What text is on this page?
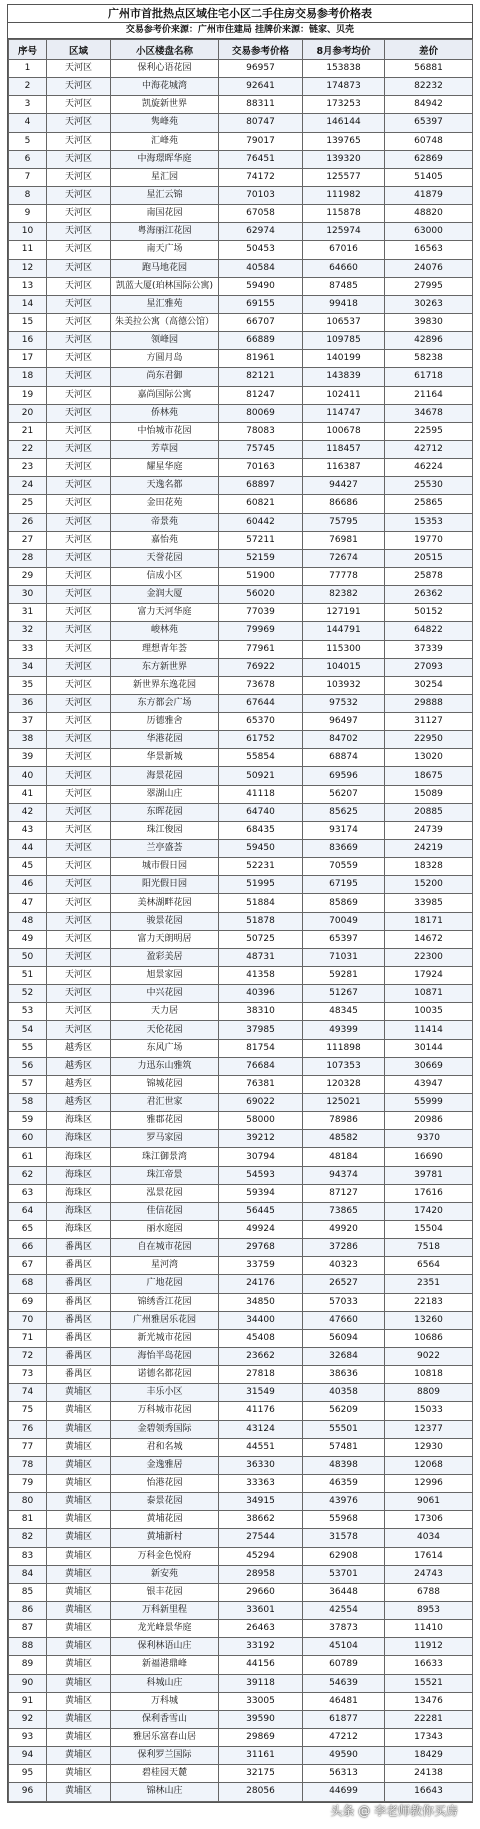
广州市首批热点区域住宅小区二手住房交易参考价格表
交易参考价来源：广州市住建局 挂牌价来源：链家、贝壳
序号	区域	小区楼盘名称	交易参考价格	8月参考均价	差价
1	天河区	保利心语花园	96957	153838	56881
2	天河区	中海花城湾	92641	174873	82232
3	天河区	凯旋新世界	88311	173253	84942
4	天河区	隽峰苑	80747	146144	65397
5	天河区	汇峰苑	79017	139765	60748
6	天河区	中海璟晖华庭	76451	139320	62869
7	天河区	星汇园	74172	125577	51405
8	天河区	星汇云锦	70103	111982	41879
9	天河区	南国花园	67058	115878	48820
10	天河区	粤海丽江花园	62974	125974	63000
11	天河区	南天广场	50453	67016	16563
12	天河区	跑马地花园	40584	64660	24076
13	天河区	凯蓝大厦(珀林国际公寓)	59490	87485	27995
14	天河区	星汇雅苑	69155	99418	30263
15	天河区	朱美拉公寓（高德公馆）	66707	106537	39830
16	天河区	领峰园	66889	109785	42896
17	天河区	方圆月岛	81961	140199	58238
18	天河区	尚东君御	82121	143839	61718
19	天河区	嘉尚国际公寓	81247	102411	21164
20	天河区	侨林苑	80069	114747	34678
21	天河区	中怡城市花园	78083	100678	22595
22	天河区	芳草园	75745	118457	42712
23	天河区	耀星华庭	70163	116387	46224
24	天河区	天逸名都	68897	94427	25530
25	天河区	金田花苑	60821	86686	25865
26	天河区	帝景苑	60442	75795	15353
27	天河区	嘉怡苑	57211	76981	19770
28	天河区	天誉花园	52159	72674	20515
29	天河区	信成小区	51900	77778	25878
30	天河区	金润大厦	56020	82382	26362
31	天河区	富力天河华庭	77039	127191	50152
32	天河区	峻林苑	79969	144791	64822
33	天河区	理想青年荟	77961	115300	37339
34	天河区	东方新世界	76922	104015	27093
35	天河区	新世界东逸花园	73678	103932	30254
36	天河区	东方都会广场	67644	97532	29888
37	天河区	历德雅舍	65370	96497	31127
38	天河区	华港花园	61752	84702	22950
39	天河区	华景新城	55854	68874	13020
40	天河区	海景花园	50921	69596	18675
41	天河区	翠湖山庄	41118	56207	15089
42	天河区	东晖花园	64740	85625	20885
43	天河区	珠江俊园	68435	93174	24739
44	天河区	兰亭盛荟	59450	83669	24219
45	天河区	城市假日园	52231	70559	18328
46	天河区	阳光假日园	51995	67195	15200
47	天河区	美林湖畔花园	51884	85869	33985
48	天河区	骏景花园	51878	70049	18171
49	天河区	富力天朗明居	50725	65397	14672
50	天河区	盈彩美居	48731	71031	22300
51	天河区	旭景家园	41358	59281	17924
52	天河区	中兴花园	40396	51267	10871
53	天河区	天力居	38310	48345	10035
54	天河区	天伦花园	37985	49399	11414
55	越秀区	东风广场	81754	111898	30144
56	越秀区	力迅东山雅筑	76684	107353	30669
57	越秀区	锦城花园	76381	120328	43947
58	越秀区	君汇世家	69022	125021	55999
59	海珠区	雅郡花园	58000	78986	20986
60	海珠区	罗马家园	39212	48582	9370
61	海珠区	珠江御景湾	30794	48184	16690
62	海珠区	珠江帝景	54593	94374	39781
63	海珠区	泓景花园	59394	87127	17616
64	海珠区	佳信花园	56445	73865	17420
65	海珠区	丽水庭园	49924	49920	15504
66	番禺区	自在城市花园	29768	37286	7518
67	番禺区	星河湾	33759	40323	6564
68	番禺区	广地花园	24176	26527	2351
69	番禺区	锦绣香江花园	34850	57033	22183
70	番禺区	广州雅居乐花园	34400	47660	13260
71	番禺区	新光城市花园	45408	56094	10686
72	番禺区	海怡半岛花园	23662	32684	9022
73	番禺区	诺德名都花园	27818	38636	10818
74	黄埔区	丰乐小区	31549	40358	8809
75	黄埔区	万科城市花园	41176	56209	15033
76	黄埔区	金碧领秀国际	43124	55501	12377
77	黄埔区	君和名城	44551	57481	12930
78	黄埔区	金逸雅居	36330	48398	12068
79	黄埔区	怡港花园	33363	46359	12996
80	黄埔区	泰景花园	34915	43976	9061
81	黄埔区	黄埔花园	38662	55968	17306
82	黄埔区	黄埔新村	27544	31578	4034
83	黄埔区	万科金色悦府	45294	62908	17614
84	黄埔区	新安苑	28958	53701	24743
85	黄埔区	银丰花园	29660	36448	6788
86	黄埔区	万科新里程	33601	42554	8953
87	黄埔区	龙光峰景华庭	26463	37873	11410
88	黄埔区	保利林语山庄	33192	45104	11912
89	黄埔区	新福港鼎峰	44156	60789	16633
90	黄埔区	科城山庄	39118	54639	15521
91	黄埔区	万科城	33005	46481	13476
92	黄埔区	保利香雪山	39590	61877	22281
93	黄埔区	雅居乐富春山居	29869	47212	17343
94	黄埔区	保利罗兰国际	31161	49590	18429
95	黄埔区	碧桂园天麓	32175	56313	24138
96	黄埔区	锦林山庄	28056	44699	16643
头条 @ 李老师教你买房
